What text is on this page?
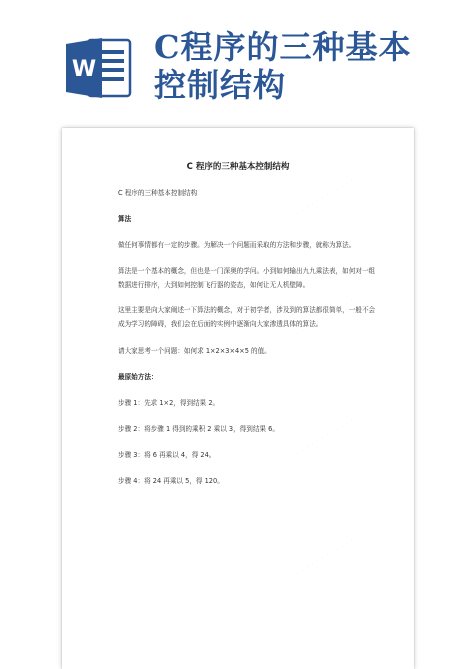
W
C程序的三种基本
控制结构
· · · · · · · · · · · ·
· · · · · · · · · · · ·
· · · · · · · · · · · ·
· · · · · · · · · · · ·
C 程序的三种基本控制结构
C 程序的三种基本控制结构
算法
做任何事情都有一定的步骤。为解决一个问题而采取的方法和步骤，就称为算法。
算法是一个基本的概念，但也是一门深奥的学问。小到如何输出九九乘法表，如何对一组数据进行排序，大到如何控制飞行器的姿态，如何让无人机壁障。
这里主要是向大家阐述一下算法的概念，对于初学者，涉及到的算法都很简单，一般不会成为学习的障碍，我们会在后面的实例中逐渐向大家渗透具体的算法。
请大家思考一个问题：如何求 1×2×3×4×5 的值。
最原始方法：
步骤 1：先求 1×2，得到结果 2。
步骤 2：将步骤 1 得到的乘积 2 乘以 3，得到结果 6。
步骤 3：将 6 再乘以 4，得 24。
步骤 4：将 24 再乘以 5，得 120。
